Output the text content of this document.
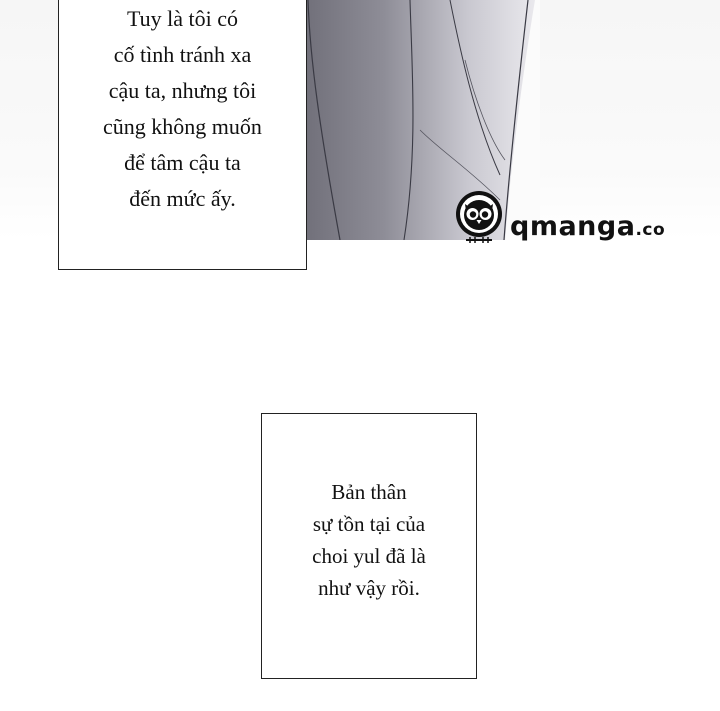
Tuy là tôi có
cố tình tránh xa
cậu ta, nhưng tôi
cũng không muốn
để tâm cậu ta
đến mức ấy.
qmanga.co
Bản thân
sự tồn tại của
choi yul đã là
như vậy rồi.
